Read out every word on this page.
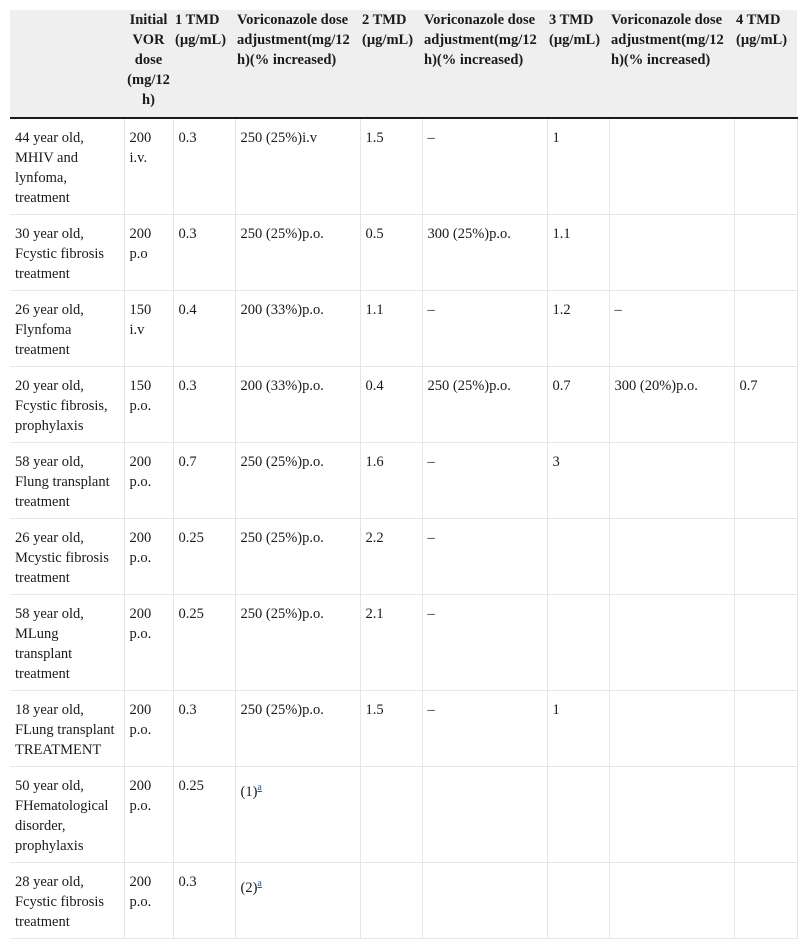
	Initial VOR dose (mg/12 h)	1 TMD (µg/mL)	Voriconazole dose adjustment(mg/12 h)(% increased)	2 TMD (µg/mL)	Voriconazole dose adjustment(mg/12 h)(% increased)	3 TMD (µg/mL)	Voriconazole dose adjustment(mg/12 h)(% increased)	4 TMD (µg/mL)
44 year old, MHIV and lynfoma, treatment	200 i.v.	0.3	250 (25%)i.v	1.5	–	1		
30 year old, Fcystic fibrosis treatment	200 p.o	0.3	250 (25%)p.o.	0.5	300 (25%)p.o.	1.1		
26 year old, Flynfoma treatment	150 i.v	0.4	200 (33%)p.o.	1.1	–	1.2	–	
20 year old, Fcystic fibrosis, prophylaxis	150 p.o.	0.3	200 (33%)p.o.	0.4	250 (25%)p.o.	0.7	300 (20%)p.o.	0.7
58 year old, Flung transplant treatment	200 p.o.	0.7	250 (25%)p.o.	1.6	–	3		
26 year old, Mcystic fibrosis treatment	200 p.o.	0.25	250 (25%)p.o.	2.2	–			
58 year old, MLung transplant treatment	200 p.o.	0.25	250 (25%)p.o.	2.1	–			
18 year old, FLung transplant TREATMENT	200 p.o.	0.3	250 (25%)p.o.	1.5	–	1		
50 year old, FHematological disorder, prophylaxis	200 p.o.	0.25	(1)$^a$					
28 year old, Fcystic fibrosis treatment	200 p.o.	0.3	(2)$^a$					
